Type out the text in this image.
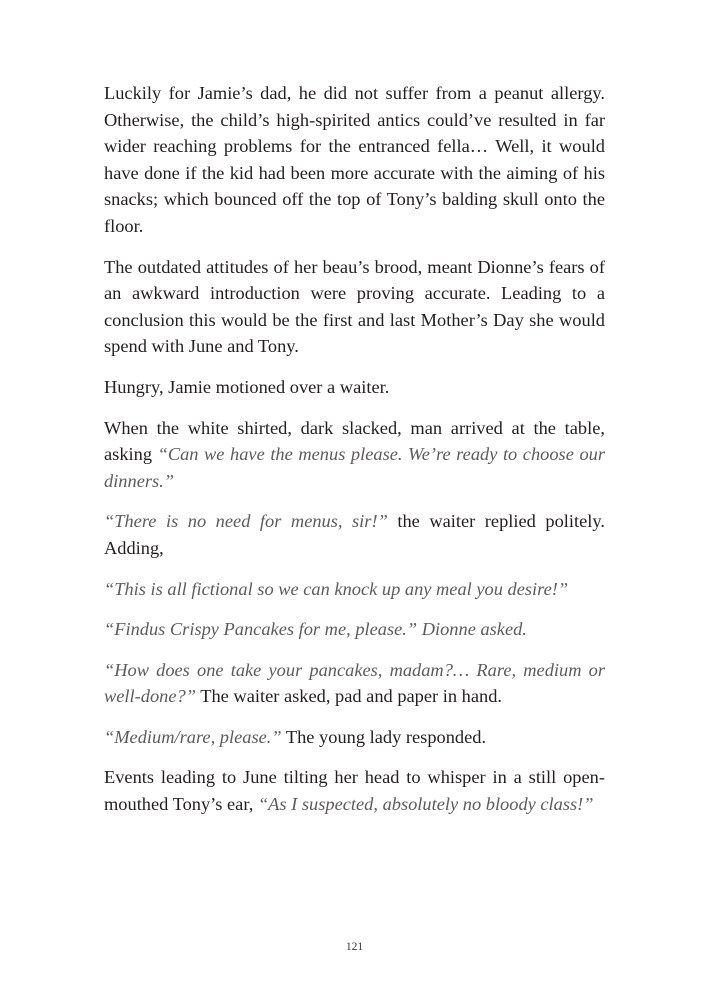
Luckily for Jamie’s dad, he did not suffer from a peanut allergy. Otherwise, the child’s high-spirited antics could’ve resulted in far wider reaching problems for the entranced fella… Well, it would have done if the kid had been more accurate with the aiming of his snacks; which bounced off the top of Tony’s balding skull onto the floor.

The outdated attitudes of her beau’s brood, meant Dionne’s fears of an awkward introduction were proving accurate. Leading to a conclusion this would be the first and last Mother’s Day she would spend with June and Tony.

Hungry, Jamie motioned over a waiter.

When the white shirted, dark slacked, man arrived at the table, asking “Can we have the menus please. We’re ready to choose our dinners.”

“There is no need for menus, sir!” the waiter replied politely. Adding,

“This is all fictional so we can knock up any meal you desire!”

“Findus Crispy Pancakes for me, please.” Dionne asked.

“How does one take your pancakes, madam?… Rare, medium or well-done?” The waiter asked, pad and paper in hand.

“Medium/rare, please.” The young lady responded.

Events leading to June tilting her head to whisper in a still open-mouthed Tony’s ear, “As I suspected, absolutely no bloody class!”

121
